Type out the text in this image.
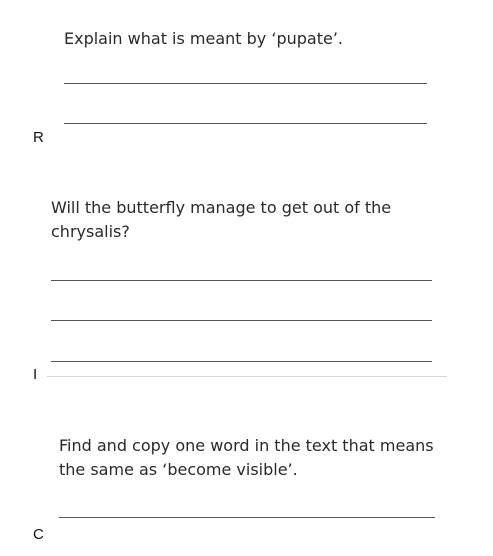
Explain what is meant by ‘pupate’.

R

Will the butterfly manage to get out of the chrysalis?

I

Find and copy one word in the text that means the same as ‘become visible’.

C
